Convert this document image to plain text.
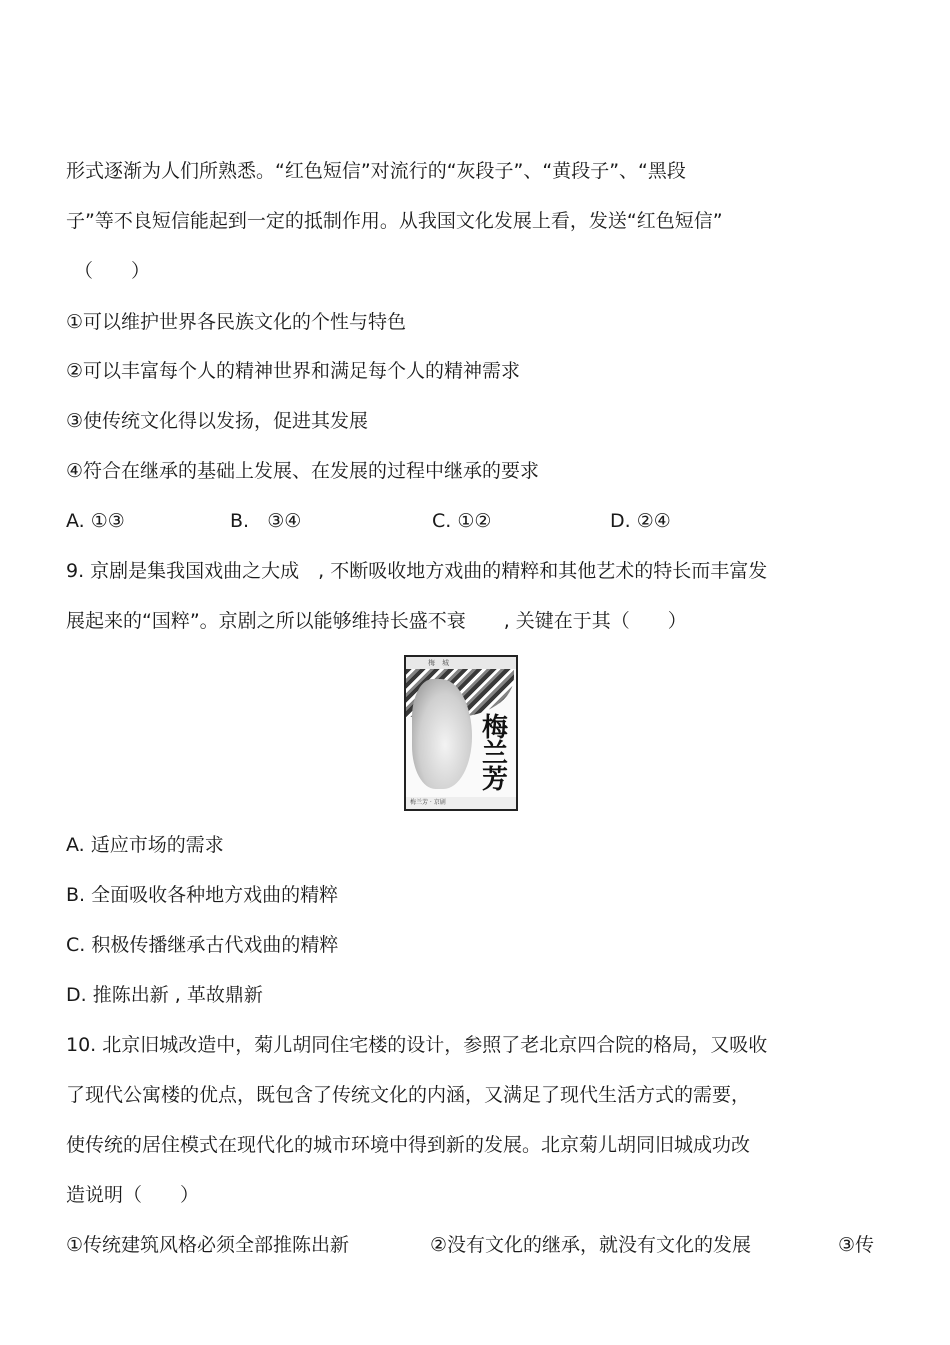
形式逐渐为人们所熟悉。“红色短信”对流行的“灰段子”、“黄段子”、“黑段
子”等不良短信能起到一定的抵制作用。从我国文化发展上看，发送“红色短信”
（　　）
①可以维护世界各民族文化的个性与特色
②可以丰富每个人的精神世界和满足每个人的精神需求
③使传统文化得以发扬，促进其发展
④符合在继承的基础上发展、在发展的过程中继承的要求
A. ①③	B.   ③④	C. ①②	D. ②④
9. 京剧是集我国戏曲之大成　, 不断吸收地方戏曲的精粹和其他艺术的特长而丰富发
展起来的“国粹”。京剧之所以能够维持长盛不衰　　, 关键在于其（　　）
梅　城
梅兰芳
梅兰芳 · 京剧
A. 适应市场的需求
B. 全面吸收各种地方戏曲的精粹
C. 积极传播继承古代戏曲的精粹
D. 推陈出新 , 革故鼎新
10. 北京旧城改造中，菊儿胡同住宅楼的设计，参照了老北京四合院的格局，又吸收
了现代公寓楼的优点，既包含了传统文化的内涵，又满足了现代生活方式的需要，
使传统的居住模式在现代化的城市环境中得到新的发展。北京菊儿胡同旧城成功改
造说明（　　）
①传统建筑风格必须全部推陈出新	②没有文化的继承，就没有文化的发展	③传
